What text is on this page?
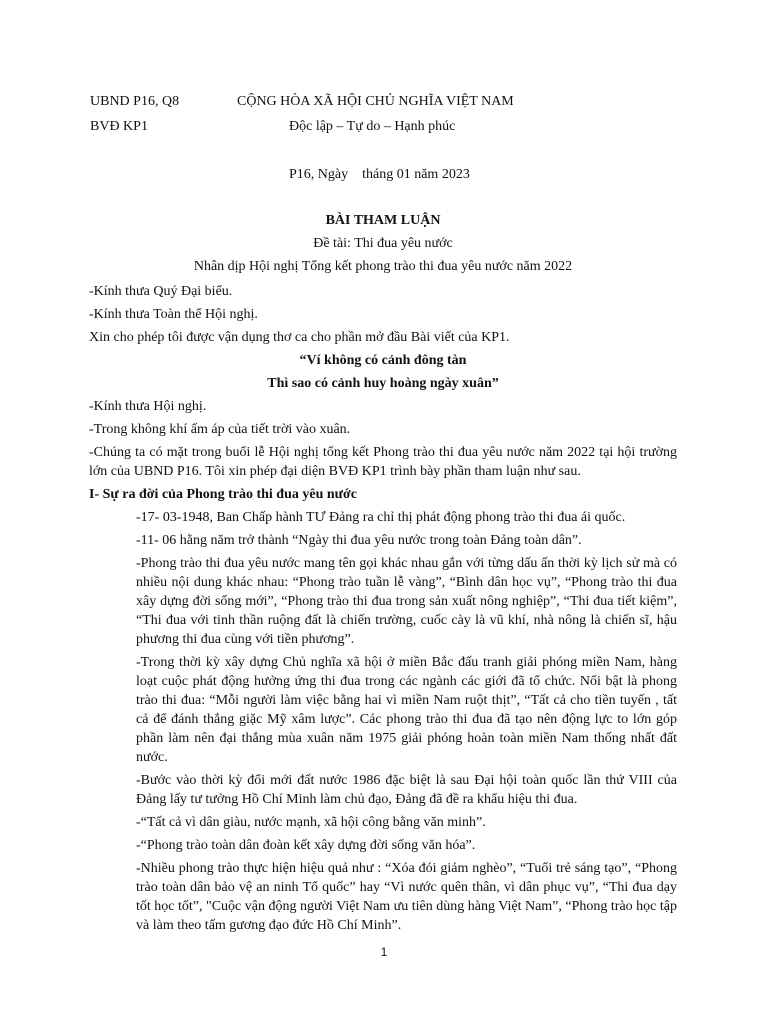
UBND P16, Q8	CỘNG HÒA XÃ HỘI CHỦ NGHĨA VIỆT NAM
BVĐ KP1	Độc lập – Tự do – Hạnh phúc
P16, Ngày    tháng 01 năm 2023

BÀI THAM LUẬN

Đề tài: Thi đua yêu nước

Nhân dịp Hội nghị Tổng kết phong trào thi đua yêu nước năm 2022

-Kính thưa Quý Đại biểu.

-Kính thưa Toàn thể Hội nghị.

Xin cho phép tôi được vận dụng thơ ca cho phần mở đầu Bài viết của KP1.

“Ví không có cảnh đông tàn

Thì sao có cảnh huy hoàng ngày xuân”

-Kính thưa Hội nghị.

-Trong không khí ấm áp của tiết trời vào xuân.

-Chúng ta có mặt trong buổi lễ Hội nghị tổng kết Phong trào thi đua yêu nước năm 2022 tại hội trường lớn của UBND P16. Tôi xin phép đại diện BVĐ KP1 trình bày phần tham luận như sau.

I- Sự ra đời của Phong trào thi đua yêu nước

-17- 03-1948, Ban Chấp hành TƯ Đảng ra chỉ thị phát động phong trào thi đua ái quốc.

-11- 06 hằng năm trở thành “Ngày thi đua yêu nước trong toàn Đảng toàn dân”.

-Phong trào thi đua yêu nước mang tên gọi khác nhau gắn với từng dấu ấn thời kỳ lịch sử mà có nhiều nội dung khác nhau: “Phong trào tuần lễ vàng”, “Bình dân học vụ”, “Phong trào thi đua xây dựng đời sống mới”, “Phong trào thi đua trong sản xuất nông nghiệp”, “Thi đua tiết kiệm”, “Thi đua với tinh thần ruộng đất là chiến trường, cuốc cày là vũ khí, nhà nông là chiến sĩ, hậu phương thi đua cùng với tiền phương”.

-Trong thời kỳ xây dựng Chủ nghĩa xã hội ở miền Bắc đấu tranh giải phóng miền Nam, hàng loạt cuộc phát động hưởng ứng thi đua trong các ngành các giới đã tổ chức. Nổi bật là phong trào thi đua: “Mỗi người làm việc bằng hai vì miền Nam ruột thịt”, “Tất cả cho tiền tuyến , tất cả để đánh thắng giặc Mỹ xâm lược”. Các phong trào thi đua đã tạo nên động lực to lớn góp phần làm nên đại thắng mùa xuân năm 1975 giải phóng hoàn toàn miền Nam thống nhất đất nước.

-Bước vào thời kỳ đổi mới đất nước 1986 đặc biệt là sau Đại hội toàn quốc lần thứ VIII của Đảng lấy tư tưởng Hồ Chí Minh làm chủ đạo, Đảng đã đề ra khẩu hiệu thi đua.

-“Tất cả vì dân giàu, nước mạnh, xã hội công bằng văn minh”.

-“Phong trào toàn dân đoàn kết xây dựng đời sống văn hóa”.

-Nhiều phong trào thực hiện hiệu quả như : “Xóa đói giảm nghèo”, “Tuổi trẻ sáng tạo”, “Phong trào toàn dân bảo vệ an ninh Tổ quốc” hay “Vì nước quên thân, vì dân phục vụ”, “Thi đua dạy tốt học tốt”, "Cuộc vận động người Việt Nam ưu tiên dùng hàng Việt Nam”, “Phong trào học tập và làm theo tấm gương đạo đức Hồ Chí Minh”.

1
